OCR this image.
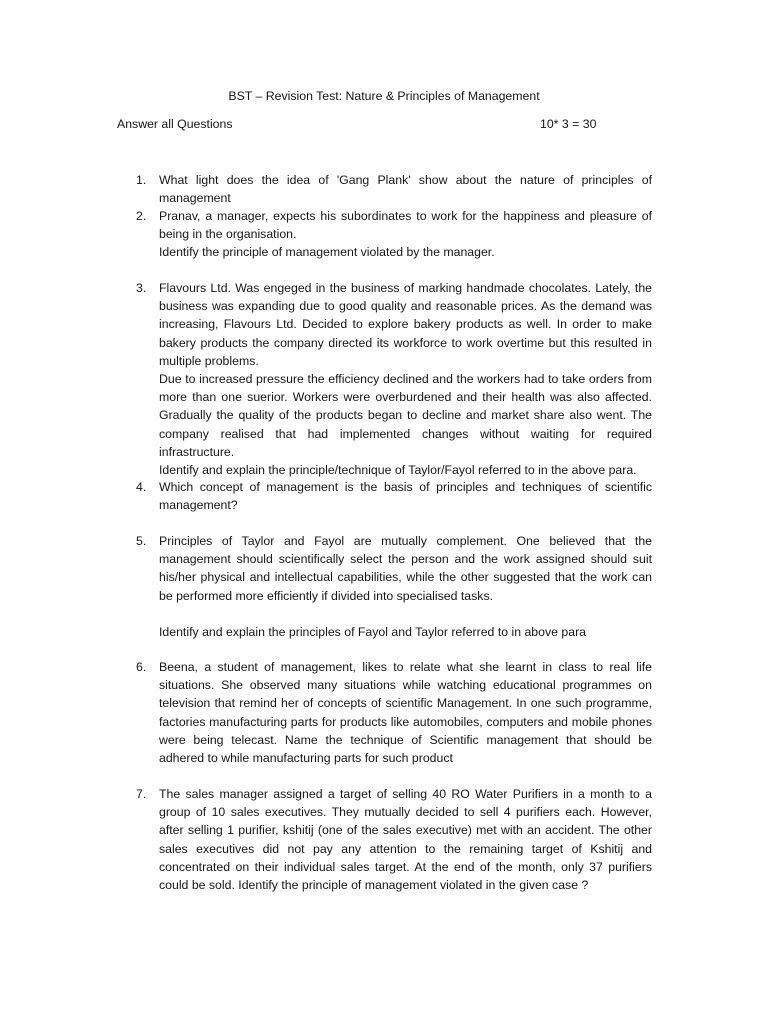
BST – Revision Test: Nature & Principles of Management
Answer all Questions	10* 3 = 30
1.	What light does the idea of 'Gang Plank' show about the nature of principles of management
2.	Pranav, a manager, expects his subordinates to work for the happiness and pleasure of being in the organisation.
Identify the principle of management violated by the manager.
3.	Flavours Ltd. Was engeged in the business of marking handmade chocolates. Lately, the business was expanding due to good quality and reasonable prices. As the demand was increasing, Flavours Ltd. Decided to explore bakery products as well. In order to make bakery products the company directed its workforce to work overtime but this resulted in multiple problems.
Due to increased pressure the efficiency declined and the workers had to take orders from more than one suerior. Workers were overburdened and their health was also affected. Gradually the quality of the products began to decline and market share also went. The company realised that had implemented changes without waiting for required infrastructure.
Identify and explain the principle/technique of Taylor/Fayol referred to in the above para.
4.	Which concept of management is the basis of principles and techniques of scientific management?
5.	Principles of Taylor and Fayol are mutually complement. One believed that the management should scientifically select the person and the work assigned should suit his/her physical and intellectual capabilities, while the other suggested that the work can be performed more efficiently if divided into specialised tasks.
Identify and explain the principles of Fayol and Taylor referred to in above para
6.	Beena, a student of management, likes to relate what she learnt in class to real life situations. She observed many situations while watching educational programmes on television that remind her of concepts of scientific Management. In one such programme, factories manufacturing parts for products like automobiles, computers and mobile phones were being telecast. Name the technique of Scientific management that should be adhered to while manufacturing parts for such product
7.	The sales manager assigned a target of selling 40 RO Water Purifiers in a month to a group of 10 sales executives. They mutually decided to sell 4 purifiers each. However, after selling 1 purifier, kshitij (one of the sales executive) met with an accident. The other sales executives did not pay any attention to the remaining target of Kshitij and concentrated on their individual sales target. At the end of the month, only 37 purifiers could be sold. Identify the principle of management violated in the given case ?
